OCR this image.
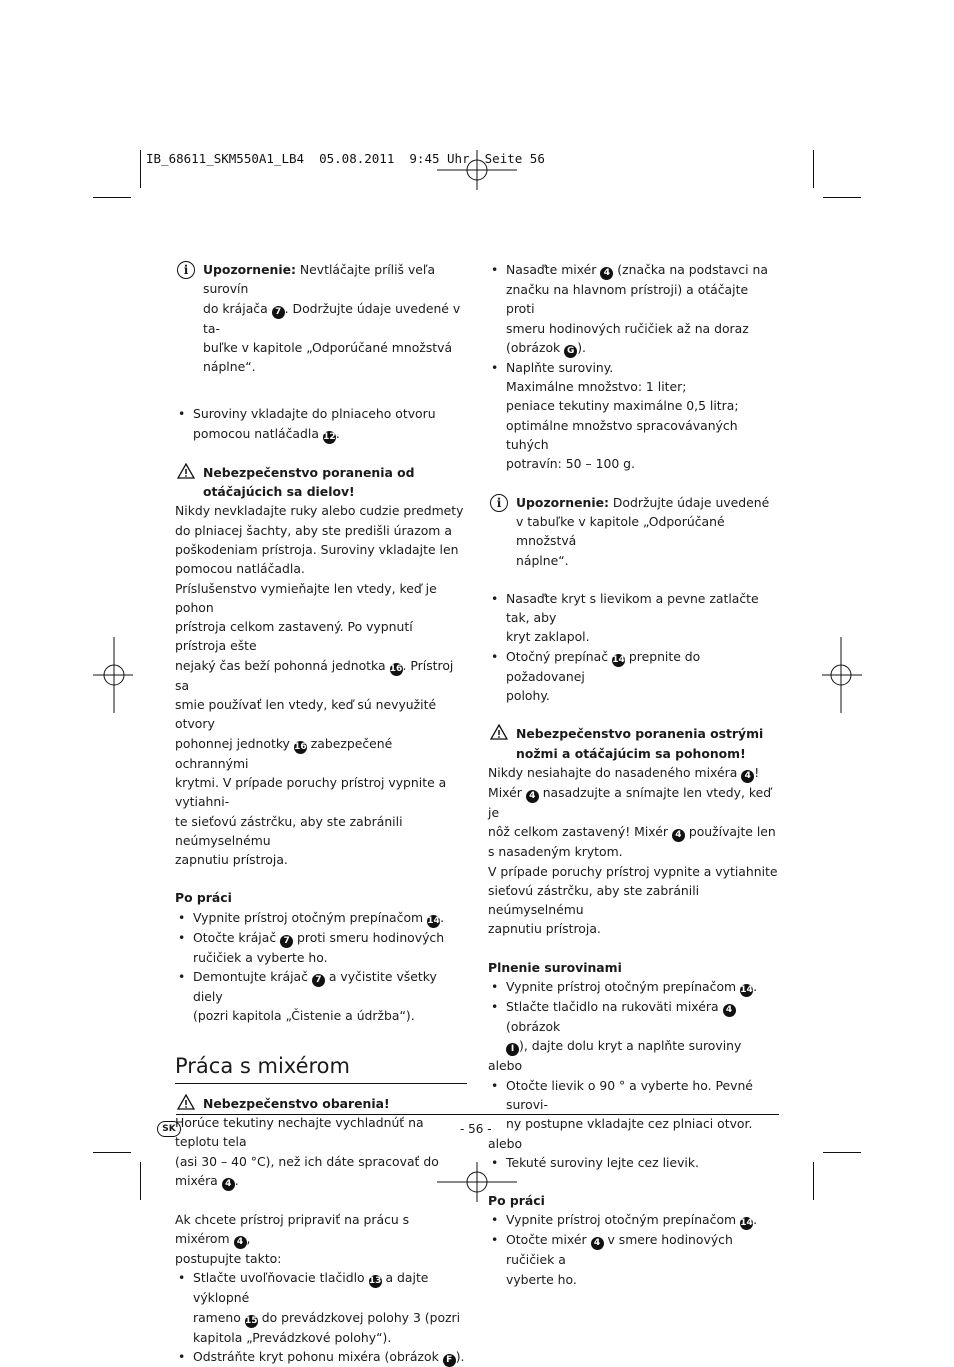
IB_68611_SKM550A1_LB4  05.08.2011  9:45 Uhr  Seite 56

i	Upozornenie: Nevtláčajte príliš veľa surovín
do krájača 7 . Dodržujte údaje uvedené v ta-
buľke v kapitole „Odporúčané množstvá
náplne“.

• Suroviny vkladajte do plniaceho otvoru
pomocou natláčadla 12.

Nebezpečenstvo poranenia od
otáčajúcich sa dielov!

Nikdy nevkladajte ruky alebo cudzie predmety

do plniacej šachty, aby ste predišli úrazom a

poškodeniam prístroja. Suroviny vkladajte len

pomocou natláčadla.

Príslušenstvo vymieňajte len vtedy, keď je pohon

prístroja celkom zastavený. Po vypnutí prístroja ešte

nejaký čas beží pohonná jednotka 16. Prístroj sa

smie používať len vtedy, keď sú nevyužité otvory

pohonnej jednotky 16 zabezpečené ochrannými

krytmi. V prípade poruchy prístroj vypnite a vytiahni-

te sieťovú zástrčku, aby ste zabránili neúmyselnému

zapnutiu prístroja.

Po práci

• Vypnite prístroj otočným prepínačom 14.

• Otočte krájač 7 proti smeru hodinových
ručičiek a vyberte ho.

• Demontujte krájač 7 a vyčistite všetky diely
(pozri kapitola „Čistenie a údržba“).

Práca s mixérom

Nebezpečenstvo obarenia!

Horúce tekutiny nechajte vychladnúť na teplotu tela

(asi 30 – 40 °C), než ich dáte spracovať do mixéra 4 .

Ak chcete prístroj pripraviť na prácu s mixérom 4 ,

postupujte takto:

• Stlačte uvoľňovacie tlačidlo 13 a dajte výklopné
rameno 15 do prevádzkovej polohy 3 (pozri
kapitola „Prevádzkové polohy“).

• Odstráňte kryt pohonu mixéra (obrázok F ).

• Nasaďte mixér 4 (značka na podstavci na
značku na hlavnom prístroji) a otáčajte proti
smeru hodinových ručičiek až na doraz
(obrázok G ).

• Naplňte suroviny.
Maximálne množstvo: 1 liter;
peniace tekutiny maximálne 0,5 litra;
optimálne množstvo spracovávaných tuhých
potravín: 50 – 100 g.

i	Upozornenie: Dodržujte údaje uvedené
v tabuľke v kapitole „Odporúčané množstvá
náplne“.

• Nasaďte kryt s lievikom a pevne zatlačte tak, aby
kryt zaklapol.

• Otočný prepínač 14 prepnite do požadovanej
polohy.

Nebezpečenstvo poranenia ostrými
nožmi a otáčajúcim sa pohonom!

Nikdy nesiahajte do nasadeného mixéra 4 !

Mixér 4 nasadzujte a snímajte len vtedy, keď je

nôž celkom zastavený! Mixér 4 používajte len

s nasadeným krytom.

V prípade poruchy prístroj vypnite a vytiahnite

sieťovú zástrčku, aby ste zabránili neúmyselnému

zapnutiu prístroja.

Plnenie surovinami

• Vypnite prístroj otočným prepínačom 14.

• Stlačte tlačidlo na rukoväti mixéra 4 (obrázok
I ), dajte dolu kryt a naplňte suroviny

alebo

• Otočte lievik o 90 ° a vyberte ho. Pevné surovi-
ny postupne vkladajte cez plniaci otvor.

alebo

• Tekuté suroviny lejte cez lievik.

Po práci

• Vypnite prístroj otočným prepínačom 14.

• Otočte mixér 4 v smere hodinových ručičiek a
vyberte ho.

SK	- 56 -
